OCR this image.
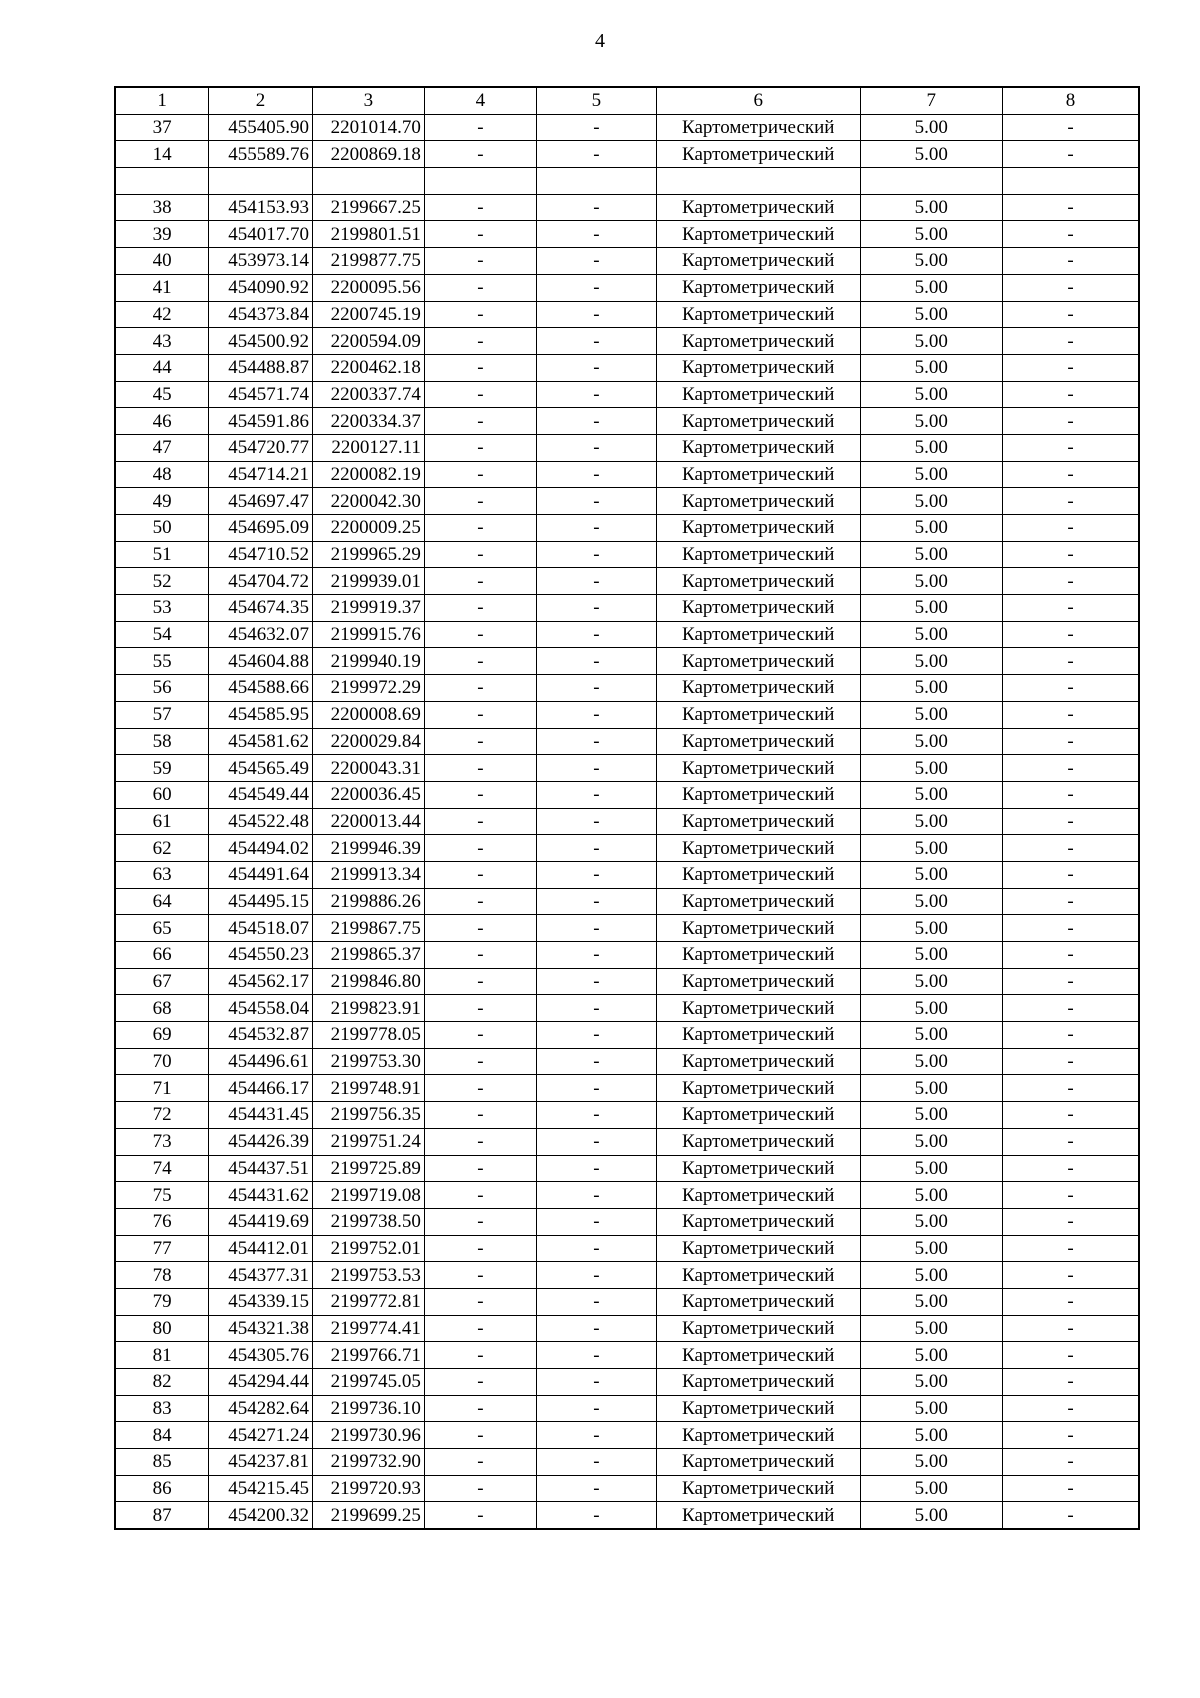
4
1	2	3	4	5	6	7	8
37	455405.90	2201014.70	-	-	Картометрический	5.00	-
14	455589.76	2200869.18	-	-	Картометрический	5.00	-

38	454153.93	2199667.25	-	-	Картометрический	5.00	-
39	454017.70	2199801.51	-	-	Картометрический	5.00	-
40	453973.14	2199877.75	-	-	Картометрический	5.00	-
41	454090.92	2200095.56	-	-	Картометрический	5.00	-
42	454373.84	2200745.19	-	-	Картометрический	5.00	-
43	454500.92	2200594.09	-	-	Картометрический	5.00	-
44	454488.87	2200462.18	-	-	Картометрический	5.00	-
45	454571.74	2200337.74	-	-	Картометрический	5.00	-
46	454591.86	2200334.37	-	-	Картометрический	5.00	-
47	454720.77	2200127.11	-	-	Картометрический	5.00	-
48	454714.21	2200082.19	-	-	Картометрический	5.00	-
49	454697.47	2200042.30	-	-	Картометрический	5.00	-
50	454695.09	2200009.25	-	-	Картометрический	5.00	-
51	454710.52	2199965.29	-	-	Картометрический	5.00	-
52	454704.72	2199939.01	-	-	Картометрический	5.00	-
53	454674.35	2199919.37	-	-	Картометрический	5.00	-
54	454632.07	2199915.76	-	-	Картометрический	5.00	-
55	454604.88	2199940.19	-	-	Картометрический	5.00	-
56	454588.66	2199972.29	-	-	Картометрический	5.00	-
57	454585.95	2200008.69	-	-	Картометрический	5.00	-
58	454581.62	2200029.84	-	-	Картометрический	5.00	-
59	454565.49	2200043.31	-	-	Картометрический	5.00	-
60	454549.44	2200036.45	-	-	Картометрический	5.00	-
61	454522.48	2200013.44	-	-	Картометрический	5.00	-
62	454494.02	2199946.39	-	-	Картометрический	5.00	-
63	454491.64	2199913.34	-	-	Картометрический	5.00	-
64	454495.15	2199886.26	-	-	Картометрический	5.00	-
65	454518.07	2199867.75	-	-	Картометрический	5.00	-
66	454550.23	2199865.37	-	-	Картометрический	5.00	-
67	454562.17	2199846.80	-	-	Картометрический	5.00	-
68	454558.04	2199823.91	-	-	Картометрический	5.00	-
69	454532.87	2199778.05	-	-	Картометрический	5.00	-
70	454496.61	2199753.30	-	-	Картометрический	5.00	-
71	454466.17	2199748.91	-	-	Картометрический	5.00	-
72	454431.45	2199756.35	-	-	Картометрический	5.00	-
73	454426.39	2199751.24	-	-	Картометрический	5.00	-
74	454437.51	2199725.89	-	-	Картометрический	5.00	-
75	454431.62	2199719.08	-	-	Картометрический	5.00	-
76	454419.69	2199738.50	-	-	Картометрический	5.00	-
77	454412.01	2199752.01	-	-	Картометрический	5.00	-
78	454377.31	2199753.53	-	-	Картометрический	5.00	-
79	454339.15	2199772.81	-	-	Картометрический	5.00	-
80	454321.38	2199774.41	-	-	Картометрический	5.00	-
81	454305.76	2199766.71	-	-	Картометрический	5.00	-
82	454294.44	2199745.05	-	-	Картометрический	5.00	-
83	454282.64	2199736.10	-	-	Картометрический	5.00	-
84	454271.24	2199730.96	-	-	Картометрический	5.00	-
85	454237.81	2199732.90	-	-	Картометрический	5.00	-
86	454215.45	2199720.93	-	-	Картометрический	5.00	-
87	454200.32	2199699.25	-	-	Картометрический	5.00	-
